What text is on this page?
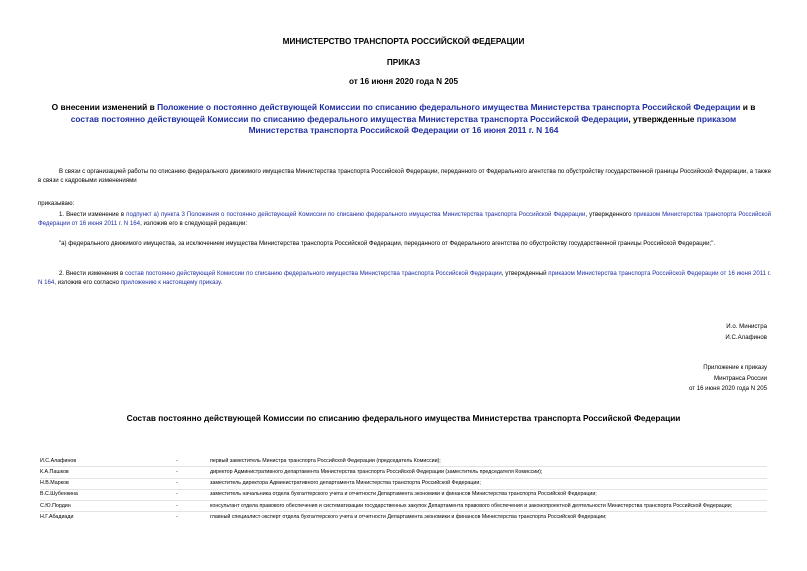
МИНИСТЕРСТВО ТРАНСПОРТА РОССИЙСКОЙ ФЕДЕРАЦИИ
ПРИКАЗ
от 16 июня 2020 года N 205
О внесении изменений в Положение о постоянно действующей Комиссии по списанию федерального имущества Министерства транспорта Российской Федерации и в состав постоянно действующей Комиссии по списанию федерального имущества Министерства транспорта Российской Федерации, утвержденные приказом Министерства транспорта Российской Федерации от 16 июня 2011 г. N 164
В связи с организацией работы по списанию федерального движимого имущества Министерства транспорта Российской Федерации, переданного от Федерального агентства по обустройству государственной границы Российской Федерации, а также в связи с кадровыми изменениями
приказываю:
1. Внести изменение в подпункт а) пункта 3 Положения о постоянно действующей Комиссии по списанию федерального имущества Министерства транспорта Российской Федерации, утвержденного приказом Министерства транспорта Российской Федерации от 16 июня 2011 г. N 164, изложив его в следующей редакции:
"а) федерального движимого имущества, за исключением имущества Министерства транспорта Российской Федерации, переданного от Федерального агентства по обустройству государственной границы Российской Федерации;".
2. Внести изменения в состав постоянно действующей Комиссии по списанию федерального имущества Министерства транспорта Российской Федерации, утвержденный приказом Министерства транспорта Российской Федерации от 16 июня 2011 г. N 164, изложив его согласно приложению к настоящему приказу.
И.о. Министра
И.С.Алафинов
Приложение к приказу
Минтранса России
от 16 июня 2020 года N 205
Состав постоянно действующей Комиссии по списанию федерального имущества Министерства транспорта Российской Федерации
И.С.Алафинов	-	первый заместитель Министра транспорта Российской Федерации (председатель Комиссии);
К.А.Пашков	-	директор Административного департамента Министерства транспорта Российской Федерации (заместитель председателя Комиссии);
Н.В.Марков	-	заместитель директора Административного департамента Министерства транспорта Российской Федерации;
В.С.Шубенкина	-	заместитель начальника отдела бухгалтерского учета и отчетности Департамента экономики и финансов Министерства транспорта Российской Федерации;
С.Ю.Пордин	-	консультант отдела правового обеспечения и систематизации государственных закупок Департамента правового обеспечения и законопроектной деятельности Министерства транспорта Российской Федерации;
Н.Г.Абадиади	-	главный специалист-эксперт отдела бухгалтерского учета и отчетности Департамента экономики и финансов Министерства транспорта Российской Федерации;
